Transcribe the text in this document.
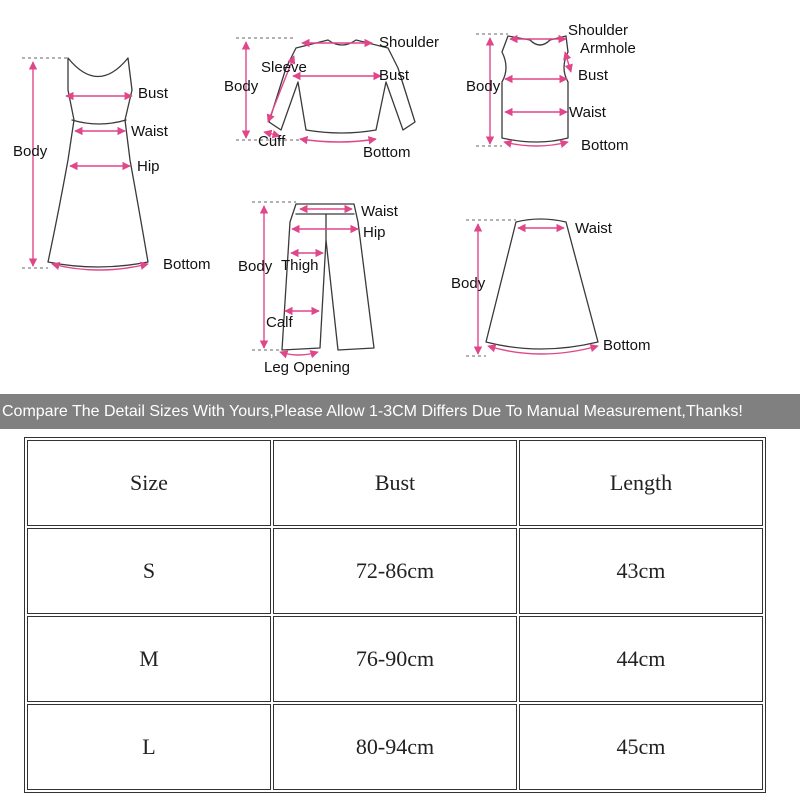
Bust
Waist
Hip
Body
Bottom
Shoulder
Sleeve	Bust
Body
Cuff
Bottom
Shoulder
Armhole
Bust
Body
Waist
Bottom
Waist
Hip
Body Thigh
Calf
Leg Opening
Waist
Body
Bottom
Compare The Detail Sizes With Yours,Please Allow 1-3CM Differs Due To Manual Measurement,Thanks!
Size	Bust	Length
S	72-86cm	43cm
M	76-90cm	44cm
L	80-94cm	45cm
